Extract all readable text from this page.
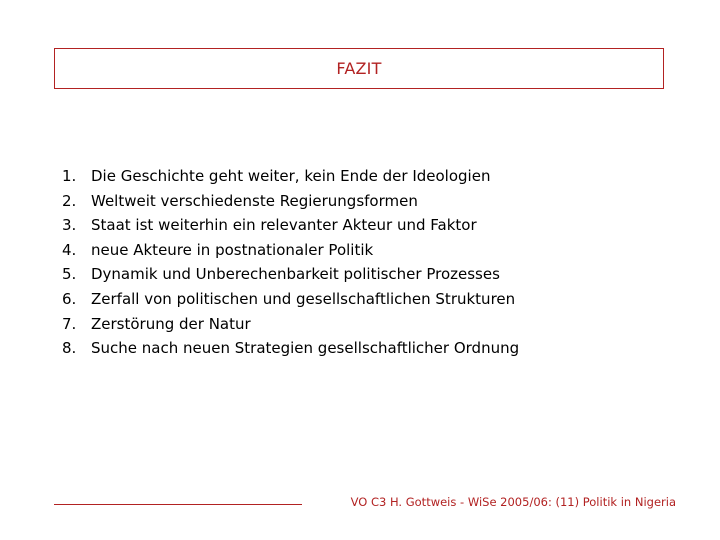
FAZIT
1. Die Geschichte geht weiter, kein Ende der Ideologien
2. Weltweit verschiedenste Regierungsformen
3. Staat ist weiterhin ein relevanter Akteur und Faktor
4. neue Akteure in postnationaler Politik
5. Dynamik und Unberechenbarkeit politischer Prozesses
6. Zerfall von politischen und gesellschaftlichen Strukturen
7. Zerstörung der Natur
8. Suche nach neuen Strategien gesellschaftlicher Ordnung
VO C3 H. Gottweis - WiSe 2005/06: (11) Politik in Nigeria
